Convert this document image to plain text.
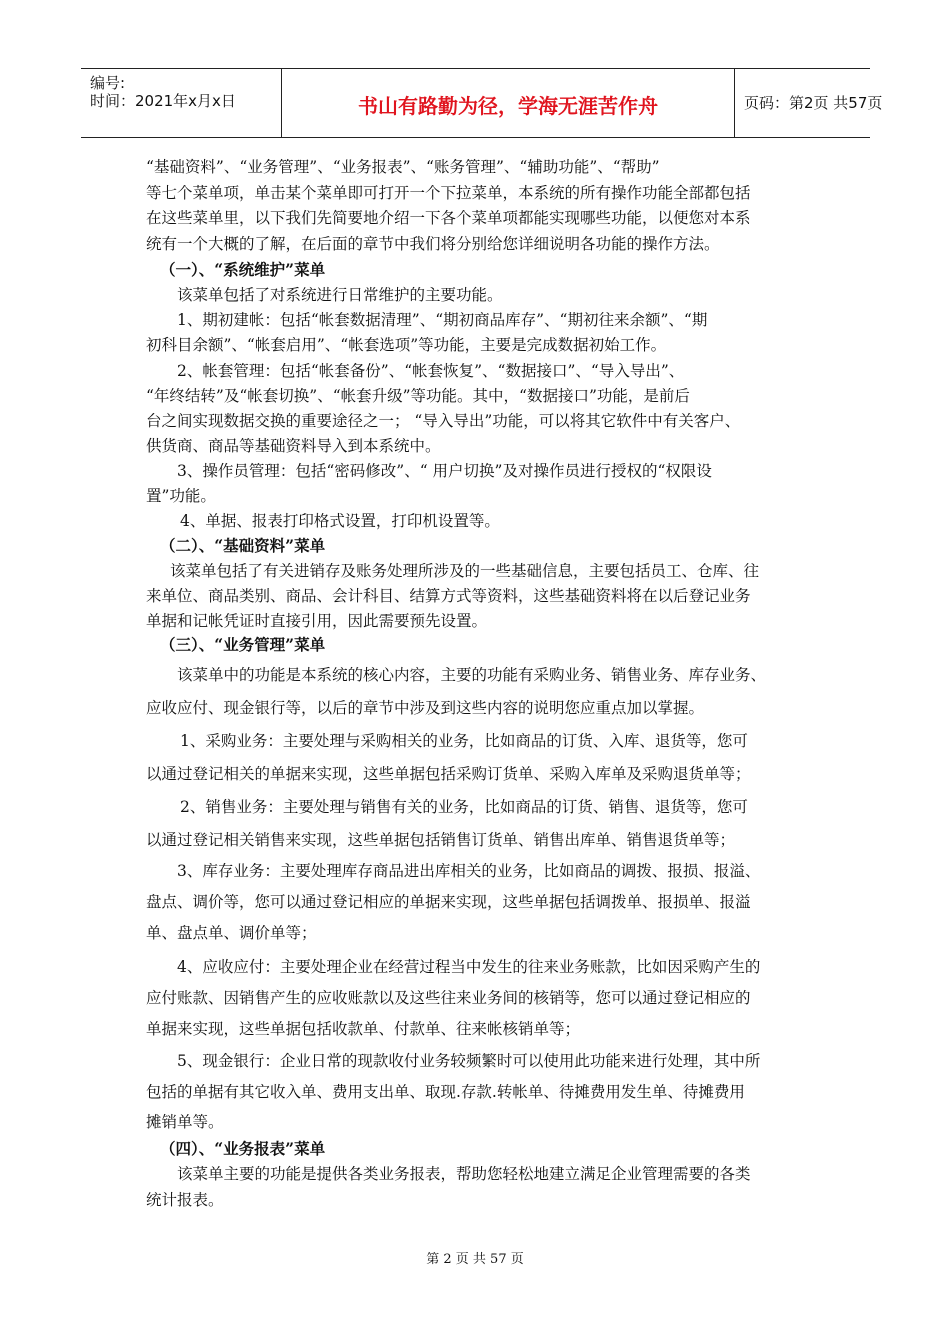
编号:
时间：2021年x月x日	书山有路勤为径，学海无涯苦作舟	页码：第2页 共57页
“基础资料”、“业务管理”、“业务报表”、“账务管理”、“辅助功能”、“帮助”
等七个菜单项，单击某个菜单即可打开一个下拉菜单，本系统的所有操作功能全部都包括
在这些菜单里，以下我们先简要地介绍一下各个菜单项都能实现哪些功能，以便您对本系
统有一个大概的了解，在后面的章节中我们将分别给您详细说明各功能的操作方法。
（一）、“系统维护”菜单
该菜单包括了对系统进行日常维护的主要功能。
1、期初建帐：包括“帐套数据清理”、“期初商品库存”、“期初往来余额”、“期
初科目余额”、“帐套启用”、“帐套选项”等功能，主要是完成数据初始工作。
2、帐套管理：包括“帐套备份”、“帐套恢复”、“数据接口”、“导入导出”、
“年终结转”及“帐套切换”、“帐套升级”等功能。其中，“数据接口”功能，是前后
台之间实现数据交换的重要途径之一； “导入导出”功能，可以将其它软件中有关客户、
供货商、商品等基础资料导入到本系统中。
3、操作员管理：包括“密码修改”、“ 用户切换”及对操作员进行授权的“权限设
置”功能。
4、单据、报表打印格式设置，打印机设置等。
（二）、“基础资料”菜单
该菜单包括了有关进销存及账务处理所涉及的一些基础信息，主要包括员工、仓库、往
来单位、商品类别、商品、会计科目、结算方式等资料，这些基础资料将在以后登记业务
单据和记帐凭证时直接引用，因此需要预先设置。
（三）、“业务管理”菜单
该菜单中的功能是本系统的核心内容，主要的功能有采购业务、销售业务、库存业务、
应收应付、现金银行等，以后的章节中涉及到这些内容的说明您应重点加以掌握。
1、采购业务：主要处理与采购相关的业务，比如商品的订货、入库、退货等，您可
以通过登记相关的单据来实现，这些单据包括采购订货单、采购入库单及采购退货单等；
2、销售业务：主要处理与销售有关的业务，比如商品的订货、销售、退货等，您可
以通过登记相关销售来实现，这些单据包括销售订货单、销售出库单、销售退货单等；
3、库存业务：主要处理库存商品进出库相关的业务，比如商品的调拨、报损、报溢、
盘点、调价等，您可以通过登记相应的单据来实现，这些单据包括调拨单、报损单、报溢
单、盘点单、调价单等；
4、应收应付：主要处理企业在经营过程当中发生的往来业务账款，比如因采购产生的
应付账款、因销售产生的应收账款以及这些往来业务间的核销等，您可以通过登记相应的
单据来实现，这些单据包括收款单、付款单、往来帐核销单等；
5、现金银行：企业日常的现款收付业务较频繁时可以使用此功能来进行处理，其中所
包括的单据有其它收入单、费用支出单、取现.存款.转帐单、待摊费用发生单、待摊费用
摊销单等。
（四）、“业务报表”菜单
该菜单主要的功能是提供各类业务报表，帮助您轻松地建立满足企业管理需要的各类
统计报表。
第 2 页 共 57 页
